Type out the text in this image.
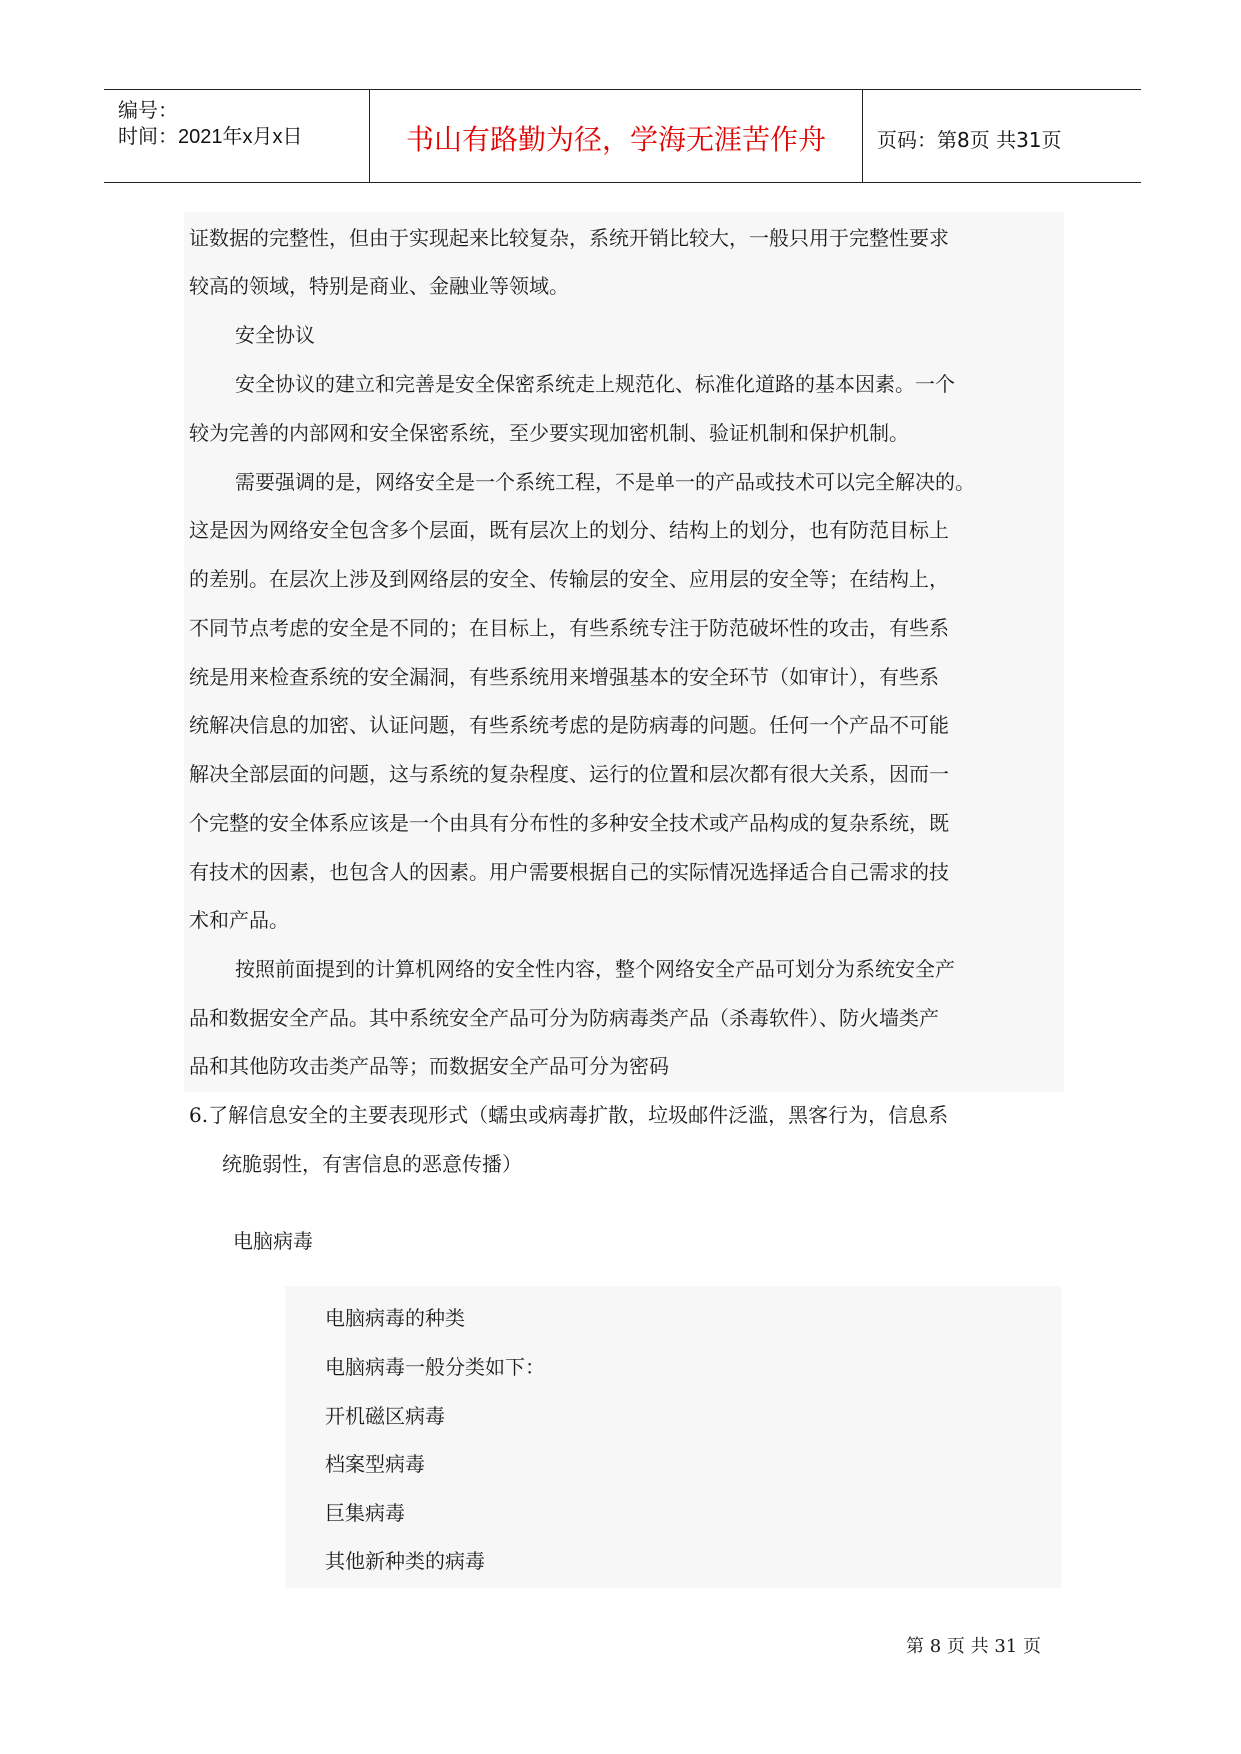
编号：
时间：2021年x月x日	书山有路勤为径，学海无涯苦作舟	页码：第8页 共31页
证数据的完整性，但由于实现起来比较复杂，系统开销比较大，一般只用于完整性要求
较高的领域，特别是商业、金融业等领域。
安全协议
安全协议的建立和完善是安全保密系统走上规范化、标准化道路的基本因素。一个
较为完善的内部网和安全保密系统，至少要实现加密机制、验证机制和保护机制。
需要强调的是，网络安全是一个系统工程，不是单一的产品或技术可以完全解决的。
这是因为网络安全包含多个层面，既有层次上的划分、结构上的划分，也有防范目标上
的差别。在层次上涉及到网络层的安全、传输层的安全、应用层的安全等；在结构上，
不同节点考虑的安全是不同的；在目标上，有些系统专注于防范破坏性的攻击，有些系
统是用来检查系统的安全漏洞，有些系统用来增强基本的安全环节（如审计），有些系
统解决信息的加密、认证问题，有些系统考虑的是防病毒的问题。任何一个产品不可能
解决全部层面的问题，这与系统的复杂程度、运行的位置和层次都有很大关系，因而一
个完整的安全体系应该是一个由具有分布性的多种安全技术或产品构成的复杂系统，既
有技术的因素，也包含人的因素。用户需要根据自己的实际情况选择适合自己需求的技
术和产品。
按照前面提到的计算机网络的安全性内容，整个网络安全产品可划分为系统安全产
品和数据安全产品。其中系统安全产品可分为防病毒类产品（杀毒软件）、防火墙类产
品和其他防攻击类产品等；而数据安全产品可分为密码
6.了解信息安全的主要表现形式（蠕虫或病毒扩散，垃圾邮件泛滥，黑客行为，信息系
统脆弱性，有害信息的恶意传播）
电脑病毒
电脑病毒的种类
电脑病毒一般分类如下：
开机磁区病毒
档案型病毒
巨集病毒
其他新种类的病毒
第 8 页 共 31 页
